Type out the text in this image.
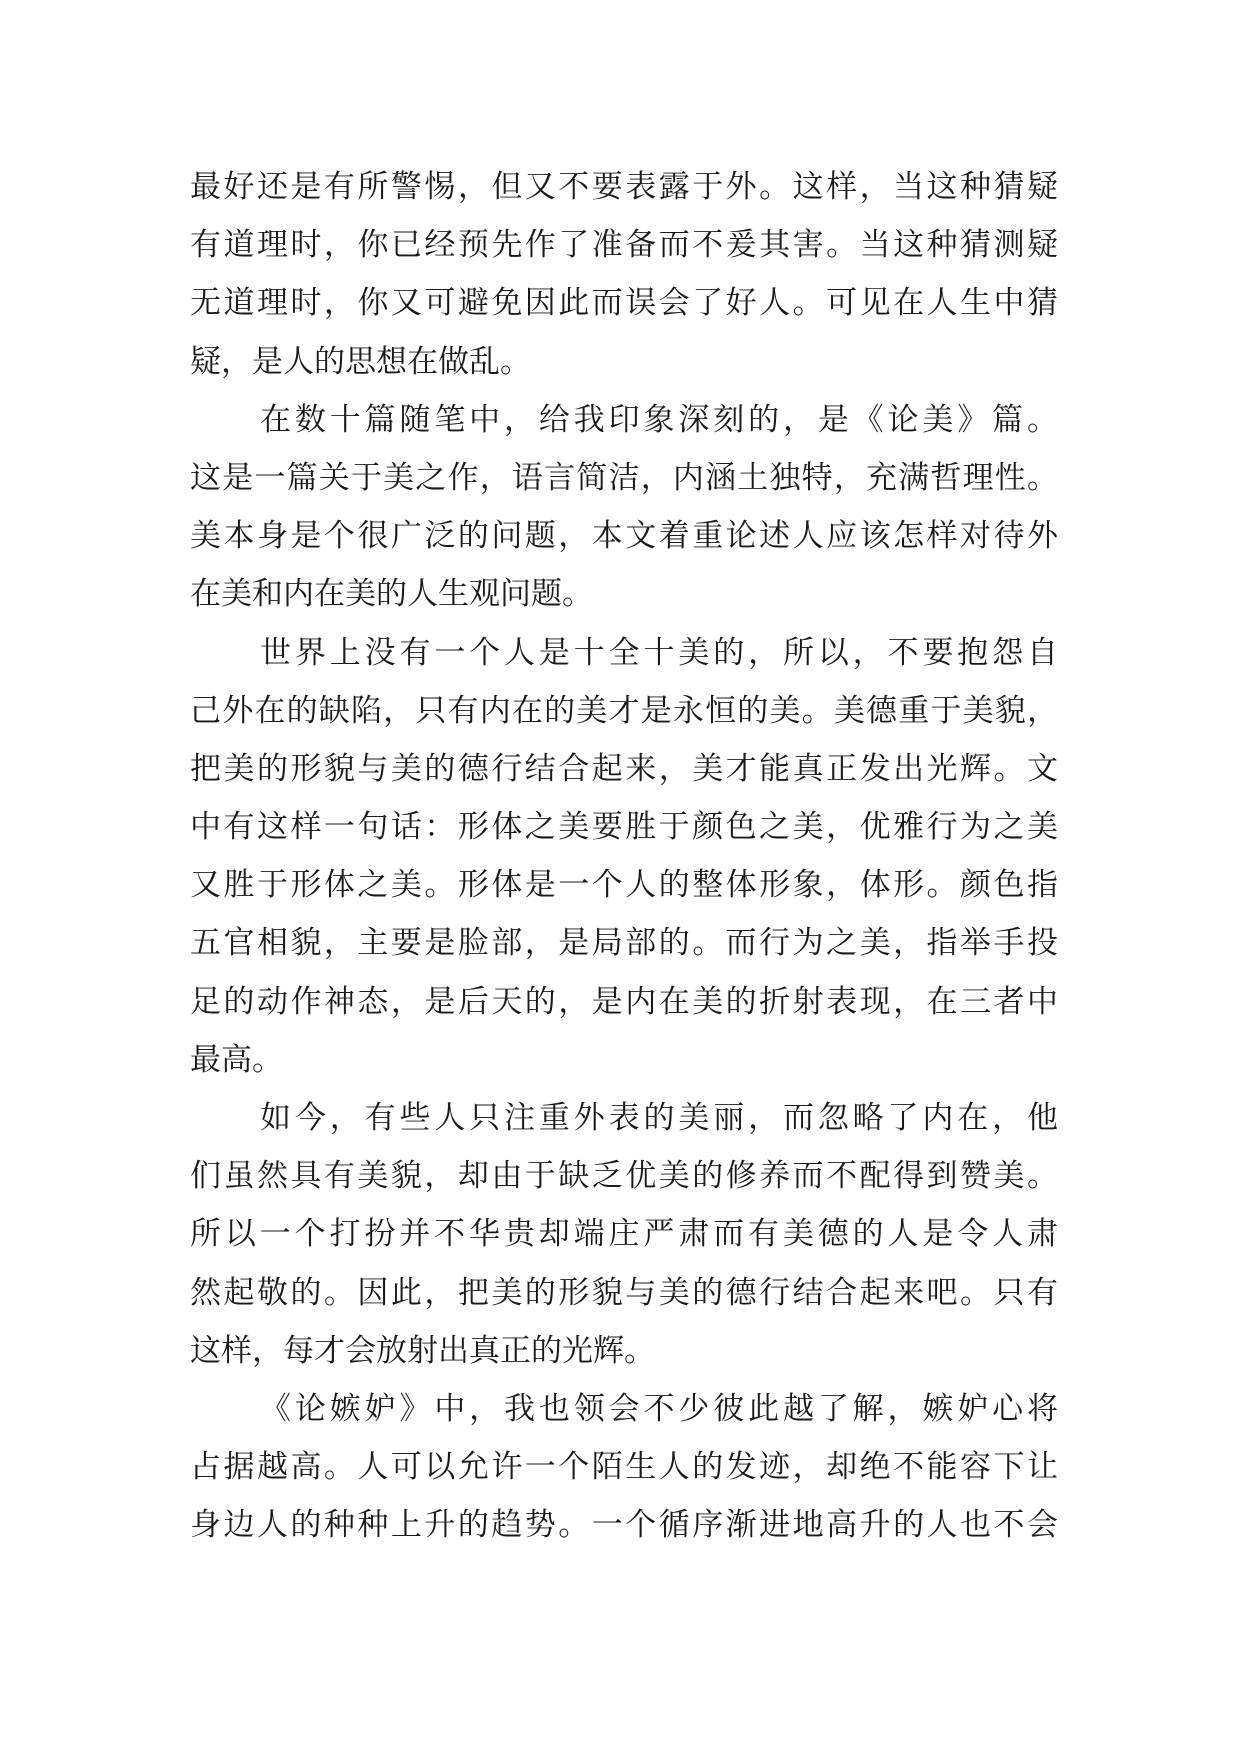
最好还是有所警惕，但又不要表露于外。这样，当这种猜疑
有道理时，你已经预先作了准备而不爰其害。当这种猜测疑
无道理时，你又可避免因此而误会了好人。可见在人生中猜
疑，是人的思想在做乱。
在数十篇随笔中，给我印象深刻的，是《论美》篇。
这是一篇关于美之作，语言简洁，内涵土独特，充满哲理性。
美本身是个很广泛的问题，本文着重论述人应该怎样对待外
在美和内在美的人生观问题。
世界上没有一个人是十全十美的，所以，不要抱怨自
己外在的缺陷，只有内在的美才是永恒的美。美德重于美貌，
把美的形貌与美的德行结合起来，美才能真正发出光辉。文
中有这样一句话：形体之美要胜于颜色之美，优雅行为之美
又胜于形体之美。形体是一个人的整体形象，体形。颜色指
五官相貌，主要是脸部，是局部的。而行为之美，指举手投
足的动作神态，是后天的，是内在美的折射表现，在三者中
最高。
如今，有些人只注重外表的美丽，而忽略了内在，他
们虽然具有美貌，却由于缺乏优美的修养而不配得到赞美。
所以一个打扮并不华贵却端庄严肃而有美德的人是令人肃
然起敬的。因此，把美的形貌与美的德行结合起来吧。只有
这样，每才会放射出真正的光辉。
《论嫉妒》中，我也领会不少彼此越了解，嫉妒心将
占据越高。人可以允许一个陌生人的发迹，却绝不能容下让
身边人的种种上升的趋势。一个循序渐进地高升的人也不会
